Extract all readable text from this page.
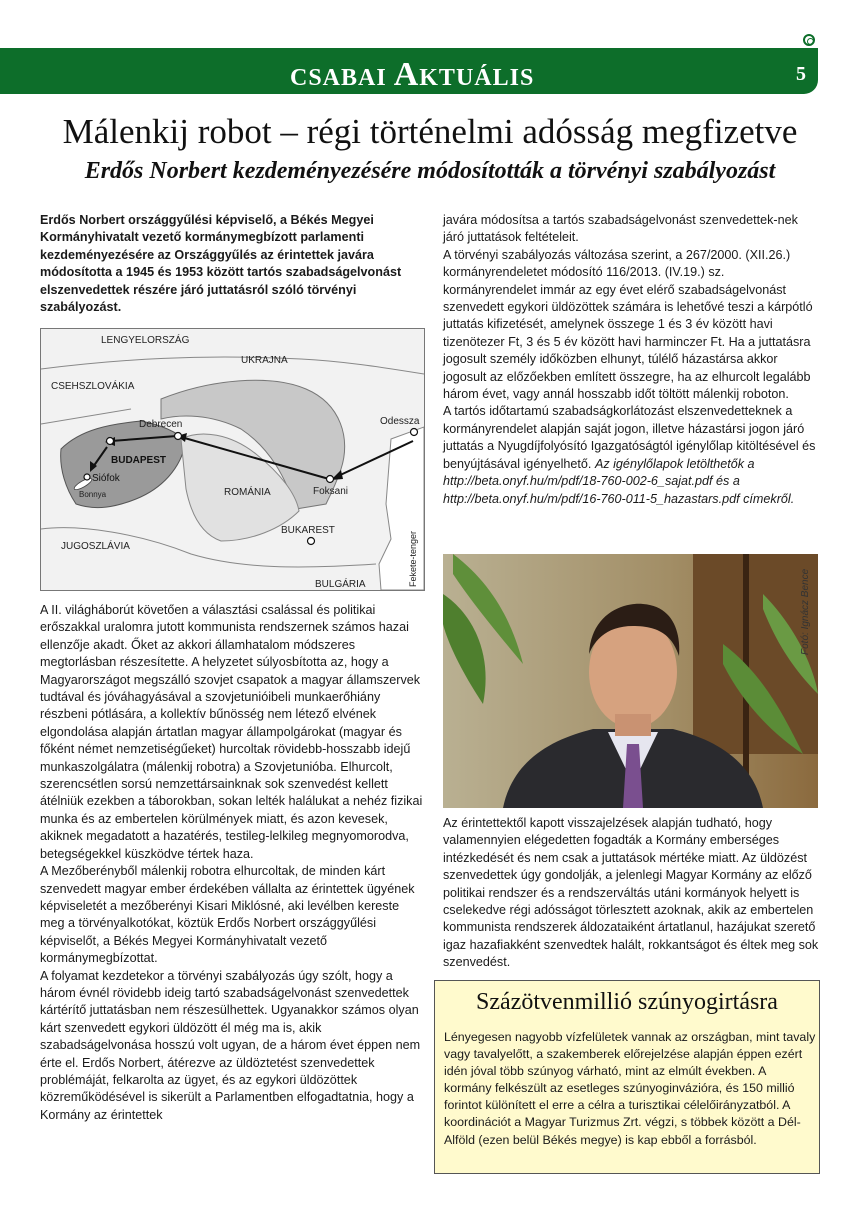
CSABAI AKTUÁLIS	5
Málenkij robot – régi történelmi adósság megfizetve
Erdős Norbert kezdeményezésére módosították a törvényi szabályozást

Erdős Norbert országgyűlési képviselő, a Békés Megyei Kormányhivatalt vezető kormánymegbízott parlamenti kezdeményezésére az Országgyűlés az érintettek javára módosította a 1945 és 1953 között tartós szabadságelvonást elszenvedettek részére járó juttatásról szóló törvényi szabályozást.

LENGYELORSZÁG
UKRAJNA
CSEHSZLOVÁKIA
Debrecen	Odessza
BUDAPEST
Siófok
Bonnya	ROMÁNIA	Foksani
BUKAREST
JUGOSZLÁVIA
BULGÁRIA	Fekete-tenger

A II. világháborút követően a választási csalással és politikai erőszakkal uralomra jutott kommunista rendszernek számos hazai ellenzője akadt. Őket az akkori államhatalom módszeres megtorlásban részesítette. A helyzetet súlyosbította az, hogy a Magyarországot megszálló szovjet csapatok a magyar államszervek tudtával és jóváhagyásával a szovjetunióibeli munkaerőhiány részbeni pótlására, a kollektív bűnösség nem létező elvének elgondolása alapján ártatlan magyar állampolgárokat (magyar és főként német nemzetiségűeket) hurcoltak rövidebb-hosszabb idejű munkaszolgálatra (málenkij robotra) a Szovjetunióba. Elhurcolt, szerencsétlen sorsú nemzettársainknak sok szenvedést kellett átélniük ezekben a táborokban, sokan lelték halálukat a nehéz fizikai munka és az embertelen körülmények miatt, és azon kevesek, akiknek megadatott a hazatérés, testileg-lelkileg megnyomorodva, betegségekkel küszködve tértek haza.

A Mezőberényből málenkij robotra elhurcoltak, de minden kárt szenvedett magyar ember érdekében vállalta az érintettek ügyének képviseletét a mezőberényi Kisari Miklósné, aki levélben kereste meg a törvényalkotókat, köztük Erdős Norbert országgyűlési képviselőt, a Békés Megyei Kormányhivatalt vezető kormánymegbízottat.

A folyamat kezdetekor a törvényi szabályozás úgy szólt, hogy a három évnél rövidebb ideig tartó szabadságelvonást szenvedettek kártérítő juttatásban nem részesülhettek. Ugyanakkor számos olyan kárt szenvedett egykori üldözött él még ma is, akik szabadságelvonása hosszú volt ugyan, de a három évet éppen nem érte el. Erdős Norbert, átérezve az üldöztetést szenvedettek problémáját, felkarolta az ügyet, és az egykori üldözöttek közreműködésével is sikerült a Parlamentben elfogadtatnia, hogy a Kormány az érintettek

javára módosítsa a tartós szabadságelvonást szenvedettek-nek járó juttatások feltételeit.

A törvényi szabályozás változása szerint, a 267/2000. (XII.26.) kormányrendeletet módosító 116/2013. (IV.19.) sz. kormányrendelet immár az egy évet elérő szabadságelvonást szenvedett egykori üldözöttek számára is lehetővé teszi a kárpótló juttatás kifizetését, amelynek összege 1 és 3 év között havi tizenötezer Ft, 3 és 5 év között havi harminczer Ft. Ha a juttatásra jogosult személy időközben elhunyt, túlélő házastársa akkor jogosult az előzőekben említett összegre, ha az elhurcolt legalább három évet, vagy annál hosszabb időt töltött málenkij roboton.

A tartós időtartamú szabadságkorlátozást elszenvedetteknek a kormányrendelet alapján saját jogon, illetve házastársi jogon járó juttatás a Nyugdíjfolyósító Igazgatóságtól igénylőlap kitöltésével és benyújtásával igényelhető. Az igénylőlapok letölthetők a http://beta.onyf.hu/m/pdf/18-760-002-6_sajat.pdf és a http://beta.onyf.hu/m/pdf/16-760-011-5_hazastars.pdf címekről.

Fotó: Ignácz Bence

Az érintettektől kapott visszajelzések alapján tudható, hogy valamennyien elégedetten fogadták a Kormány emberséges intézkedését és nem csak a juttatások mértéke miatt. Az üldözést szenvedettek úgy gondolják, a jelenlegi Magyar Kormány az előző politikai rendszer és a rendszerváltás utáni kormányok helyett is cselekedve régi adósságot törlesztett azoknak, akik az embertelen kommunista rendszerek áldozataiként ártatlanul, hazájukat szerető igaz hazafiakként szenvedtek halált, rokkantságot és éltek meg sok szenvedést.

Százötvenmillió szúnyogirtásra
Lényegesen nagyobb vízfelületek vannak az országban, mint tavaly vagy tavalyelőtt, a szakemberek előrejelzése alapján éppen ezért idén jóval több szúnyog várható, mint az elmúlt években. A kormány felkészült az esetleges szúnyoginvázióra, és 150 millió forintot különített el erre a célra a turisztikai célelőirányzatból. A koordinációt a Magyar Turizmus Zrt. végzi, s többek között a Dél-Alföld (ezen belül Békés megye) is kap ebből a forrásból.
